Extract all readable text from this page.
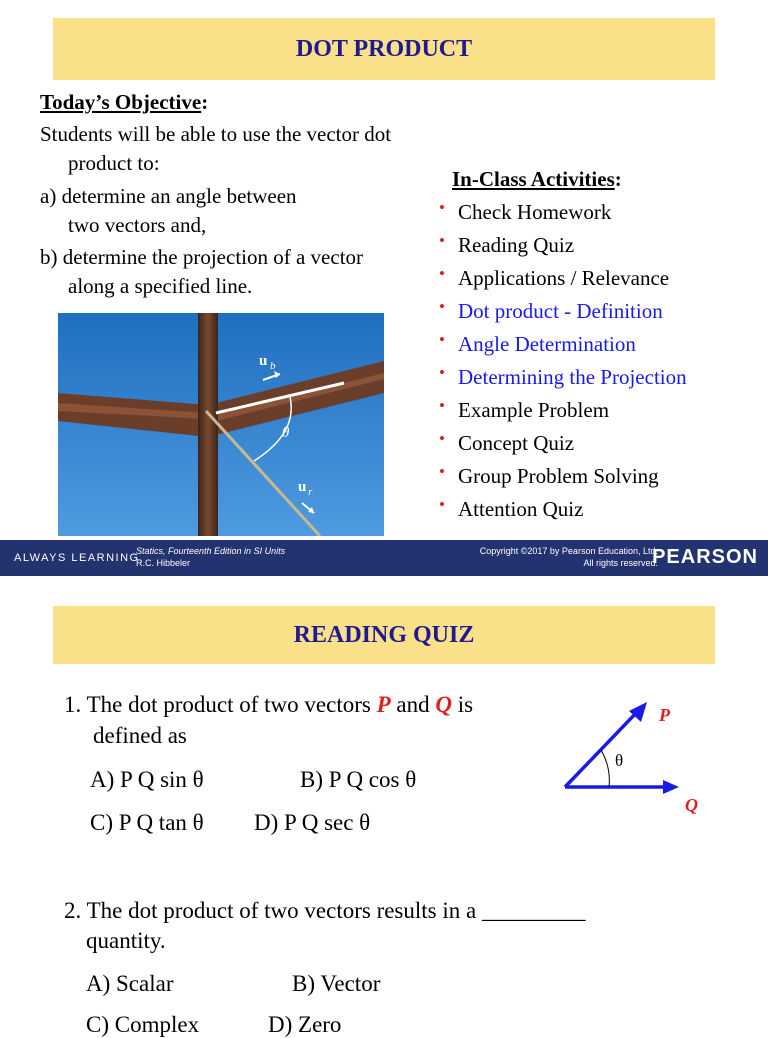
DOT PRODUCT
Today’s Objective:
Students will be able to use the vector dot
product to:
a) determine an angle between
two vectors and,
b) determine the projection of a vector
along a specified line.
In-Class Activities:
• Check Homework
• Reading Quiz
• Applications / Relevance
• Dot product - Definition
• Angle Determination
• Determining the Projection
• Example Problem
• Concept Quiz
• Group Problem Solving
• Attention Quiz
u b
u r
θ
ALWAYS LEARNING
Statics, Fourteenth Edition in SI Units
R.C. Hibbeler
Copyright ©2017 by Pearson Education, Ltd.
All rights reserved.
PEARSON
READING QUIZ
1. The dot product of two vectors P and Q is
defined as
A) P Q sin θ	B) P Q cos θ
C) P Q tan θ D) P Q sec θ
P
Q
θ
2. The dot product of two vectors results in a _________
quantity.
A) Scalar	B) Vector
C) Complex	D) Zero
